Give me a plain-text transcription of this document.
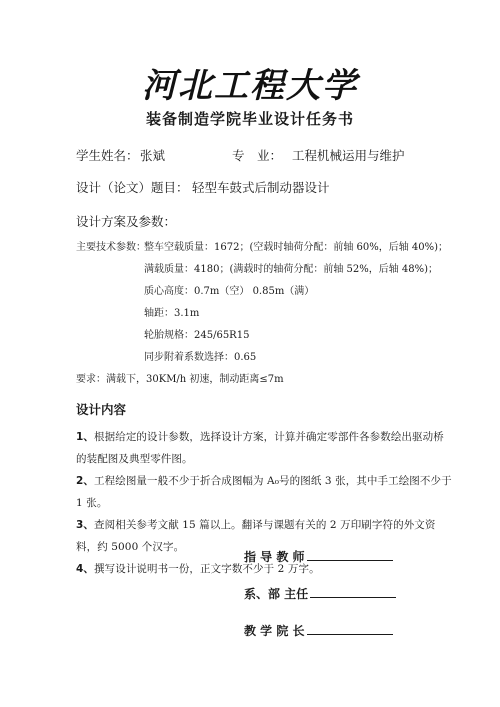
河北工程大学
装备制造学院毕业设计任务书
学生姓名： 张斌	专　业： 工程机械运用与维护
设计（论文）题目： 轻型车鼓式后制动器设计
设计方案及参数：
主要技术参数：
整车空载质量：1672；(空载时轴荷分配：前轴 60%，后轴 40%)；
满载质量：4180；(满载时的轴荷分配：前轴 52%，后轴 48%)；
质心高度：0.7m（空） 0.85m（满）
轴距：3.1m
轮胎规格：245/65R15
同步附着系数选择：0.65
要求：满载下，30KM/h 初速，制动距离≤7m
设计内容
1、根据给定的设计参数，选择设计方案，计算并确定零部件各参数绘出驱动桥的装配图及典型零件图。
2、工程绘图量一般不少于折合成图幅为 A₀号的图纸 3 张，其中手工绘图不少于 1 张。
3、查阅相关参考文献 15 篇以上。翻译与课题有关的 2 万印刷字符的外文资料，约 5000 个汉字。
4、撰写设计说明书一份，正文字数不少于 2 万字。
指 导 教 师
系、部 主任
教 学 院 长
